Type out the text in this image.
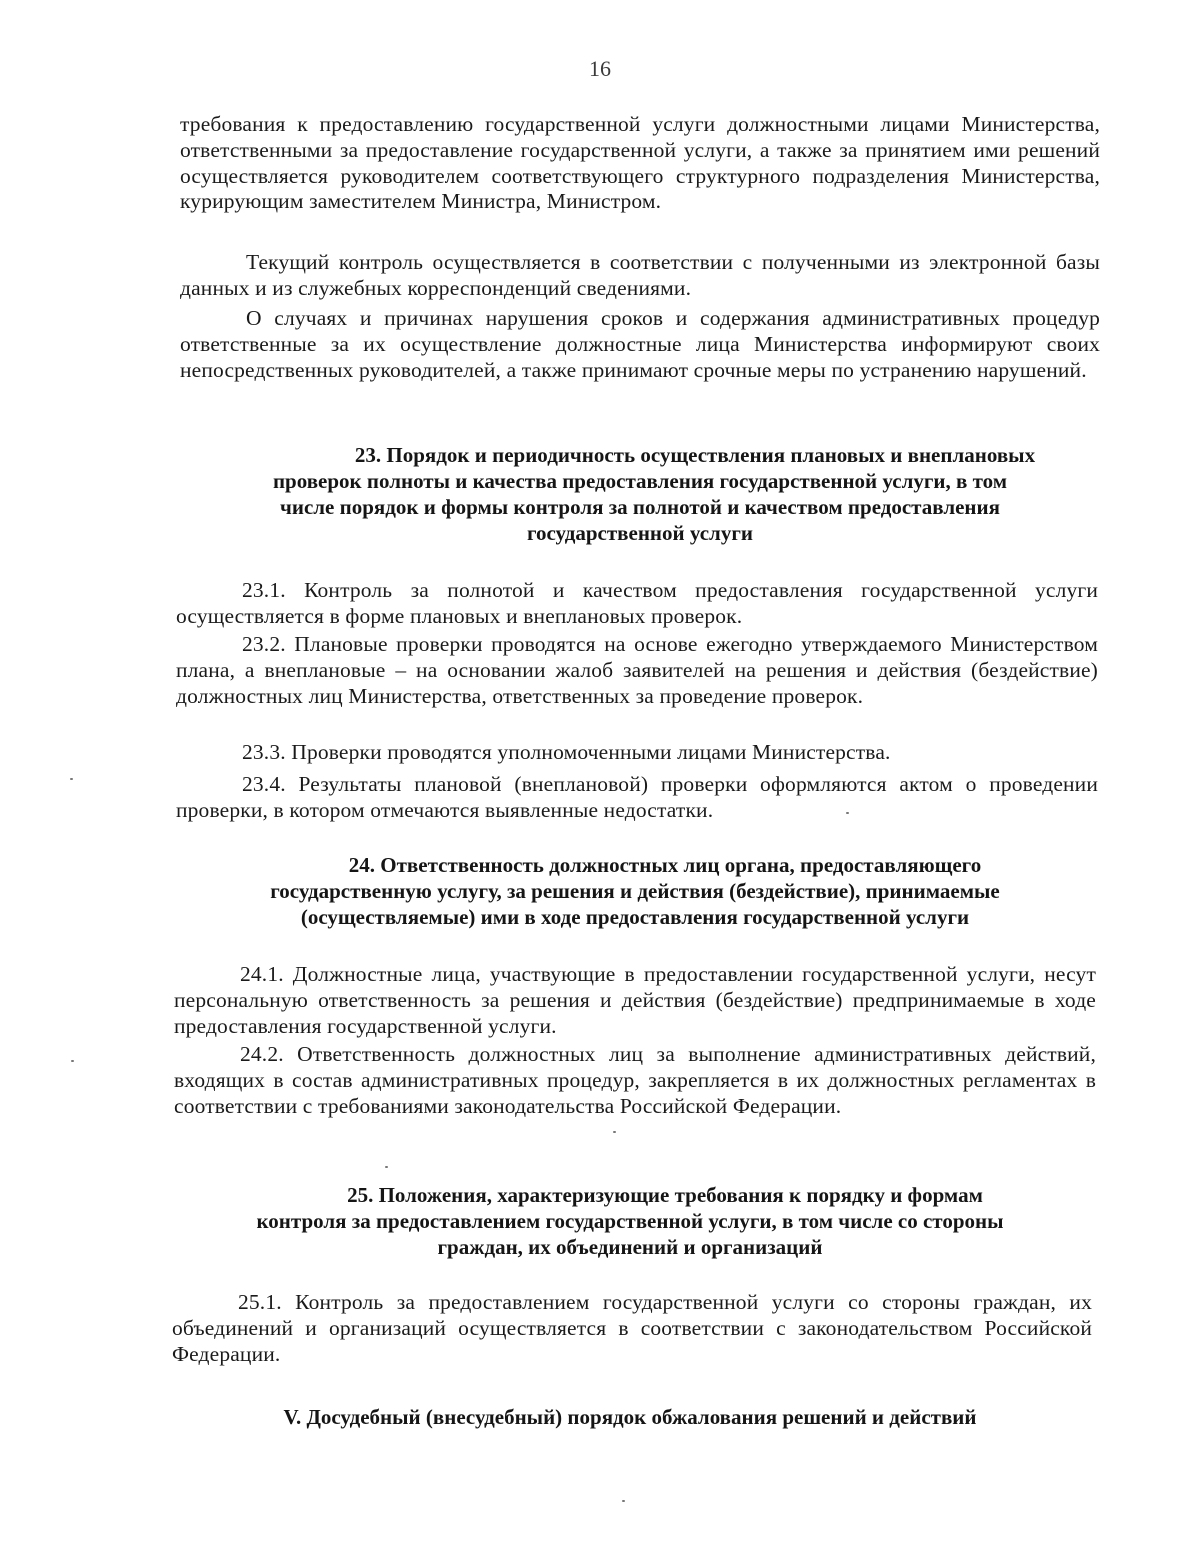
16

требования к предоставлению государственной услуги должностными лицами Министерства, ответственными за предоставление государственной услуги, а также за принятием ими решений осуществляется руководителем соответствующего структурного подразделения Министерства, курирующим заместителем Министра, Министром.

Текущий контроль осуществляется в соответствии с полученными из электронной базы данных и из служебных корреспонденций сведениями.

О случаях и причинах нарушения сроков и содержания административных процедур ответственные за их осуществление должностные лица Министерства информируют своих непосредственных руководителей, а также принимают срочные меры по устранению нарушений.

23. Порядок и периодичность осуществления плановых и внеплановых
проверок полноты и качества предоставления государственной услуги, в том
числе порядок и формы контроля за полнотой и качеством предоставления
государственной услуги

23.1. Контроль за полнотой и качеством предоставления государственной услуги осуществляется в форме плановых и внеплановых проверок.

23.2. Плановые проверки проводятся на основе ежегодно утверждаемого Министерством плана, а внеплановые – на основании жалоб заявителей на решения и действия (бездействие) должностных лиц Министерства, ответственных за проведение проверок.

23.3. Проверки проводятся уполномоченными лицами Министерства.

23.4. Результаты плановой (внеплановой) проверки оформляются актом о проведении проверки, в котором отмечаются выявленные недостатки.

24. Ответственность должностных лиц органа, предоставляющего
государственную услугу, за решения и действия (бездействие), принимаемые
(осуществляемые) ими в ходе предоставления государственной услуги

24.1. Должностные лица, участвующие в предоставлении государственной услуги, несут персональную ответственность за решения и действия (бездействие) предпринимаемые в ходе предоставления государственной услуги.

24.2. Ответственность должностных лиц за выполнение административных действий, входящих в состав административных процедур, закрепляется в их должностных регламентах в соответствии с требованиями законодательства Российской Федерации.

25. Положения, характеризующие требования к порядку и формам
контроля за предоставлением государственной услуги, в том числе со стороны
граждан, их объединений и организаций

25.1. Контроль за предоставлением государственной услуги со стороны граждан, их объединений и организаций осуществляется в соответствии с законодательством Российской Федерации.

V. Досудебный (внесудебный) порядок обжалования решений и действий
